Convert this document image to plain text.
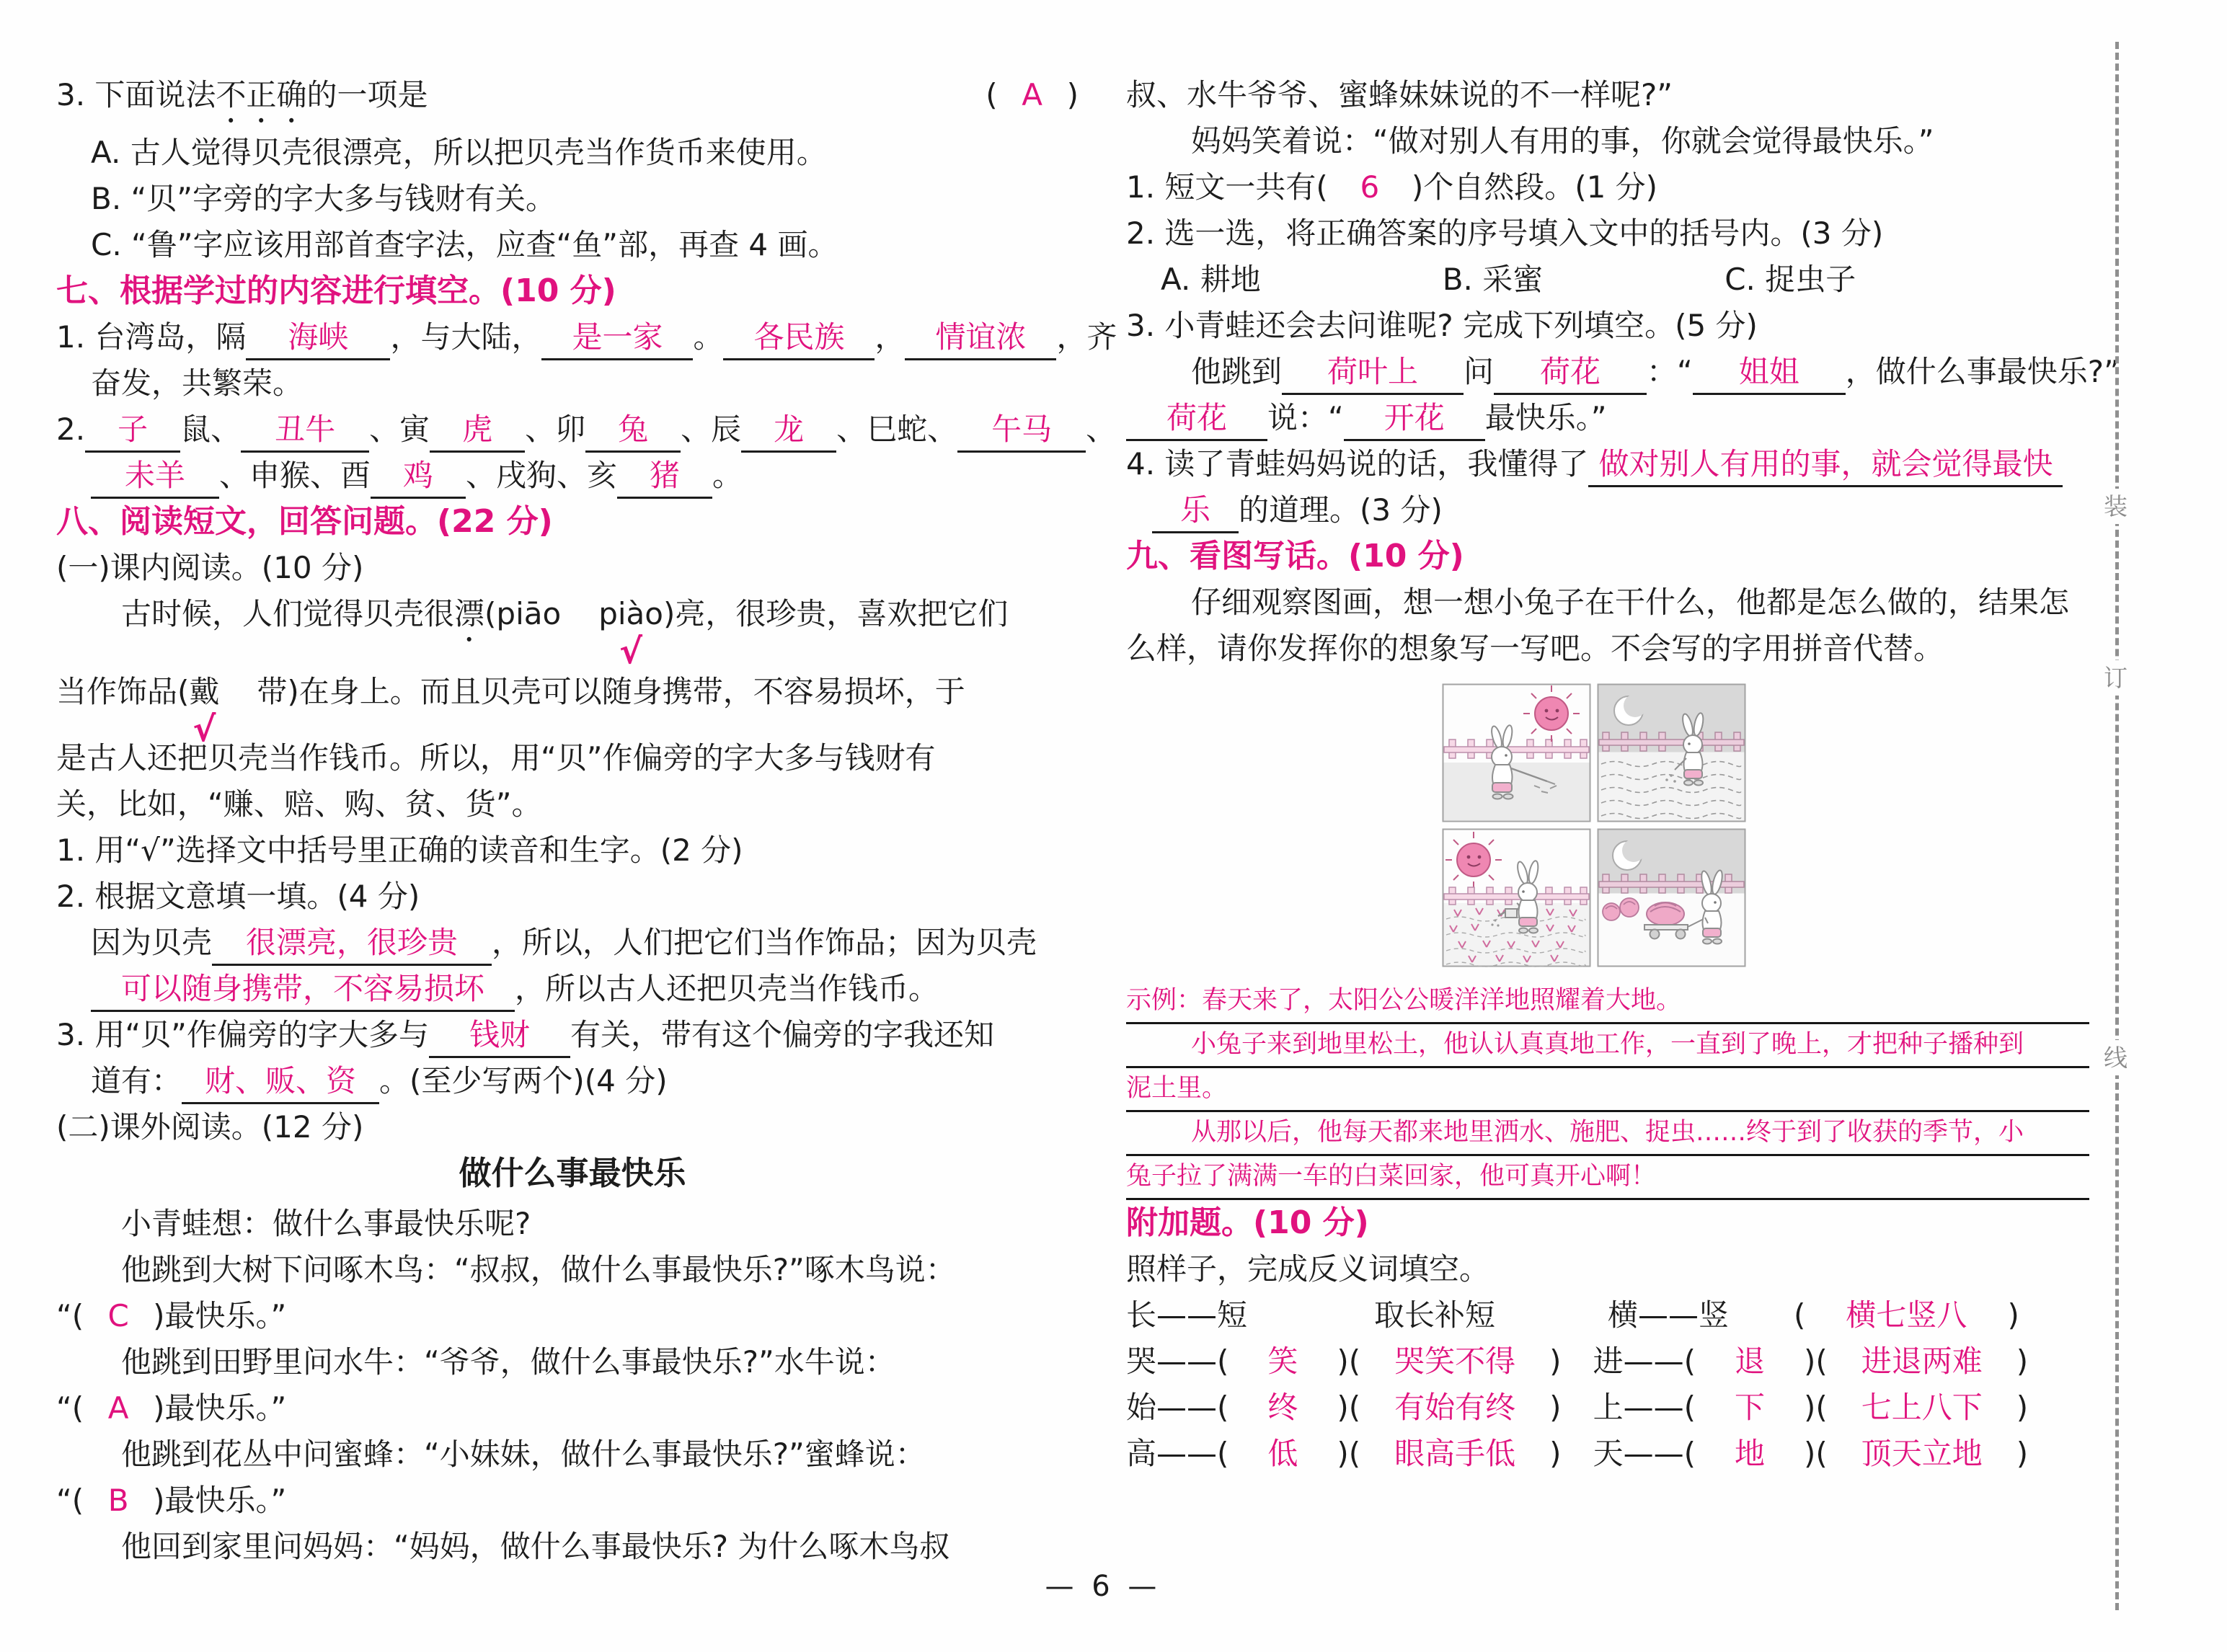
3. 下面说法 不正确 的一项是	( A )
A. 古人觉得贝壳很漂亮，所以把贝壳当作货币来使用。
B. “贝”字旁的字大多与钱财有关。
C. “鲁”字应该用部首查字法，应查“鱼”部，再查 4 画。
七、根据学过的内容进行填空。(10 分)
1. 台湾岛，隔	海峡	，与大陆， 是一家	。 各民族	， 情谊浓	，齐
奋发，共繁荣。
2.	子	鼠、	丑牛	、寅	虎	、卯	兔	、辰	龙	、巳蛇、	午马	、
未羊	、申猴、酉	鸡	、戌狗、亥	猪	。
八、阅读短文，回答问题。(22 分)
(一)课内阅读。(10 分)
古时候，人们觉得贝壳很 漂 (piāo piào
√
)亮，很珍贵，喜欢把它们
当作饰品( 戴
√
带)在身上。而且贝壳可以随身携带，不容易损坏，于
是古人还把贝壳当作钱币。所以，用“贝”作偏旁的字大多与钱财有
关，比如，“赚、赔、购、贫、货”。
1. 用“√”选择文中括号里正确的读音和生字。(2 分)
2. 根据文意填一填。(4 分)
因为贝壳	很漂亮，很珍贵	，所以，人们把它们当作饰品；因为贝壳
可以随身携带，不容易损坏	，所以古人还把贝壳当作钱币。
3. 用“贝”作偏旁的字大多与	钱财	有关，带有这个偏旁的字我还知
道有： 财、贩、资 。(至少写两个)(4 分)
(二)课外阅读。(12 分)
做什么事最快乐
小青蛙想：做什么事最快乐呢?
他跳到大树下问啄木鸟：“叔叔，做什么事最快乐?”啄木鸟说：
“( C )最快乐。”
他跳到田野里问水牛：“爷爷，做什么事最快乐?”水牛说：
“( A )最快乐。”
他跳到花丛中问蜜蜂：“小妹妹，做什么事最快乐?”蜜蜂说：
“( B )最快乐。”
他回到家里问妈妈：“妈妈，做什么事最快乐? 为什么啄木鸟叔
叔、水牛爷爷、蜜蜂妹妹说的不一样呢?”
妈妈笑着说：“做对别人有用的事，你就会觉得最快乐。”
1. 短文一共有(	6	)个自然段。(1 分)
2. 选一选，将正确答案的序号填入文中的括号内。(3 分)
A. 耕地	B. 采蜜	C. 捉虫子
3. 小青蛙还会去问谁呢? 完成下列填空。(5 分)
他跳到	荷叶上	问	荷花	：“	姐姐	，做什么事最快乐?”
荷花	说：“	开花	最快乐。”
4. 读了青蛙妈妈说的话，我懂得了 做对别人有用的事，就会觉得最快
乐 的道理。(3 分)
九、看图写话。(10 分)
仔细观察图画，想一想小兔子在干什么，他都是怎么做的，结果怎
么样，请你发挥你的想象写一写吧。不会写的字用拼音代替。
示例：春天来了，太阳公公暖洋洋地照耀着大地。
小兔子来到地里松土，他认认真真地工作，一直到了晚上，才把种子播种到
泥土里。
从那以后，他每天都来地里洒水、施肥、捉虫……终于到了收获的季节，小
兔子拉了满满一车的白菜回家，他可真开心啊！
附加题。(10 分)
照样子，完成反义词填空。
长——短	取长补短	横——竖 (	横七竖八	)
哭——(	笑	)(	哭笑不得	) 进——(	退	)(	进退两难	)
始——(	终	)(	有始有终	) 上——(	下	)(	七上八下	)
高——(	低	)(	眼高手低	) 天——(	地	)(	顶天立地	)
装
订
线
— 6 —
